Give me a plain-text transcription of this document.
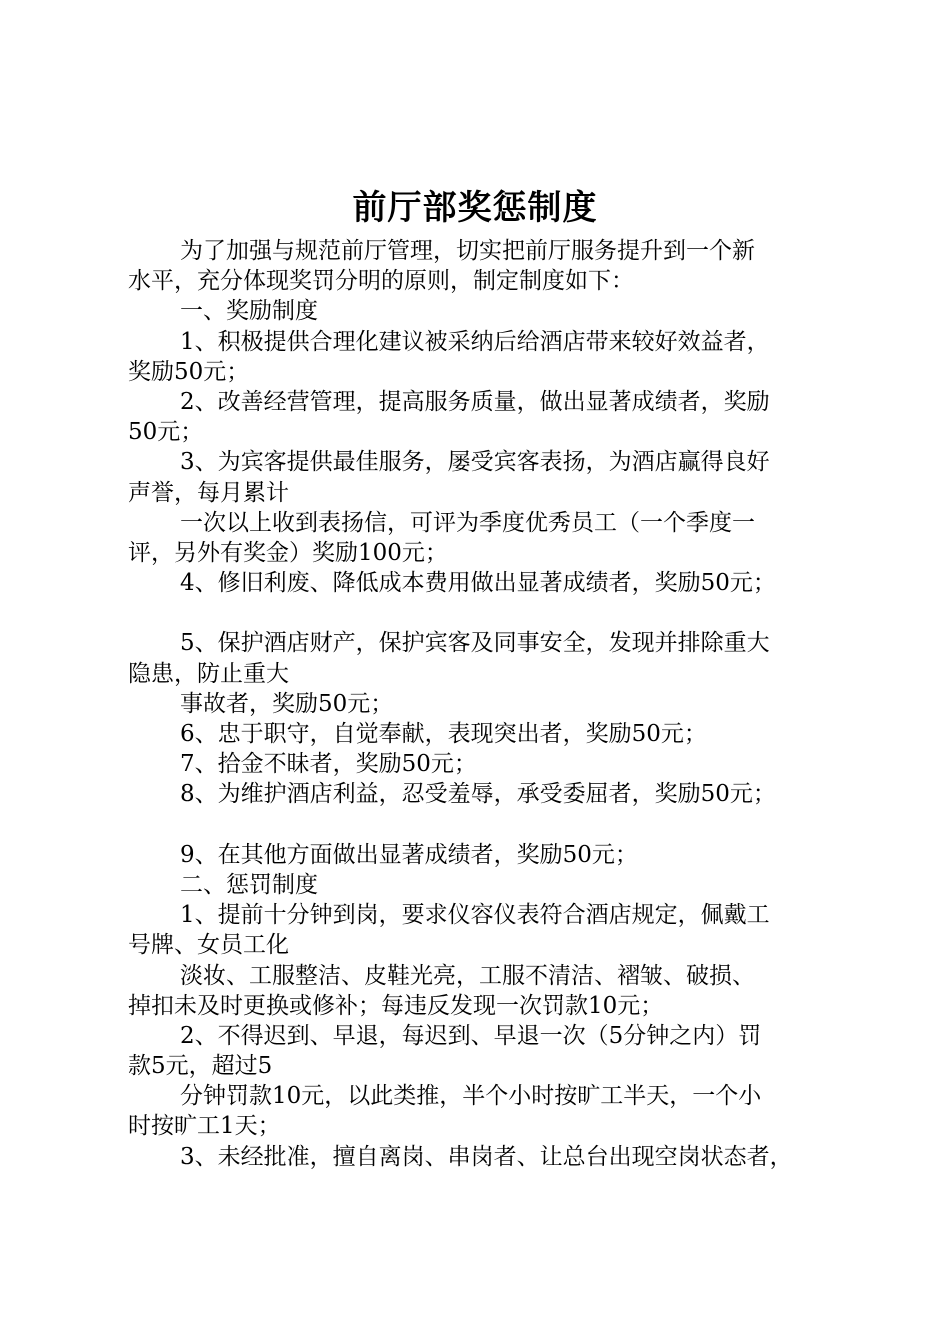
前厅部奖惩制度
为了加强与规范前厅管理，切实把前厅服务提升到一个新
水平，充分体现奖罚分明的原则，制定制度如下：
一、奖励制度
1、积极提供合理化建议被采纳后给酒店带来较好效益者，
奖励50元；
2、改善经营管理，提高服务质量，做出显著成绩者，奖励
50元；
3、为宾客提供最佳服务，屡受宾客表扬，为酒店赢得良好
声誉，每月累计
一次以上收到表扬信，可评为季度优秀员工（一个季度一
评，另外有奖金）奖励100元；
4、修旧利废、降低成本费用做出显著成绩者，奖励50元；
5、保护酒店财产，保护宾客及同事安全，发现并排除重大
隐患，防止重大
事故者，奖励50元；
6、忠于职守，自觉奉献，表现突出者，奖励50元；
7、拾金不昧者，奖励50元；
8、为维护酒店利益，忍受羞辱，承受委屈者，奖励50元；
9、在其他方面做出显著成绩者，奖励50元；
二、惩罚制度
1、提前十分钟到岗，要求仪容仪表符合酒店规定，佩戴工
号牌、女员工化
淡妆、工服整洁、皮鞋光亮，工服不清洁、褶皱、破损、
掉扣未及时更换或修补；每违反发现一次罚款10元；
2、不得迟到、早退，每迟到、早退一次（5分钟之内）罚
款5元，超过5
分钟罚款10元，以此类推，半个小时按旷工半天，一个小
时按旷工1天；
3、未经批准，擅自离岗、串岗者、让总台出现空岗状态者，
